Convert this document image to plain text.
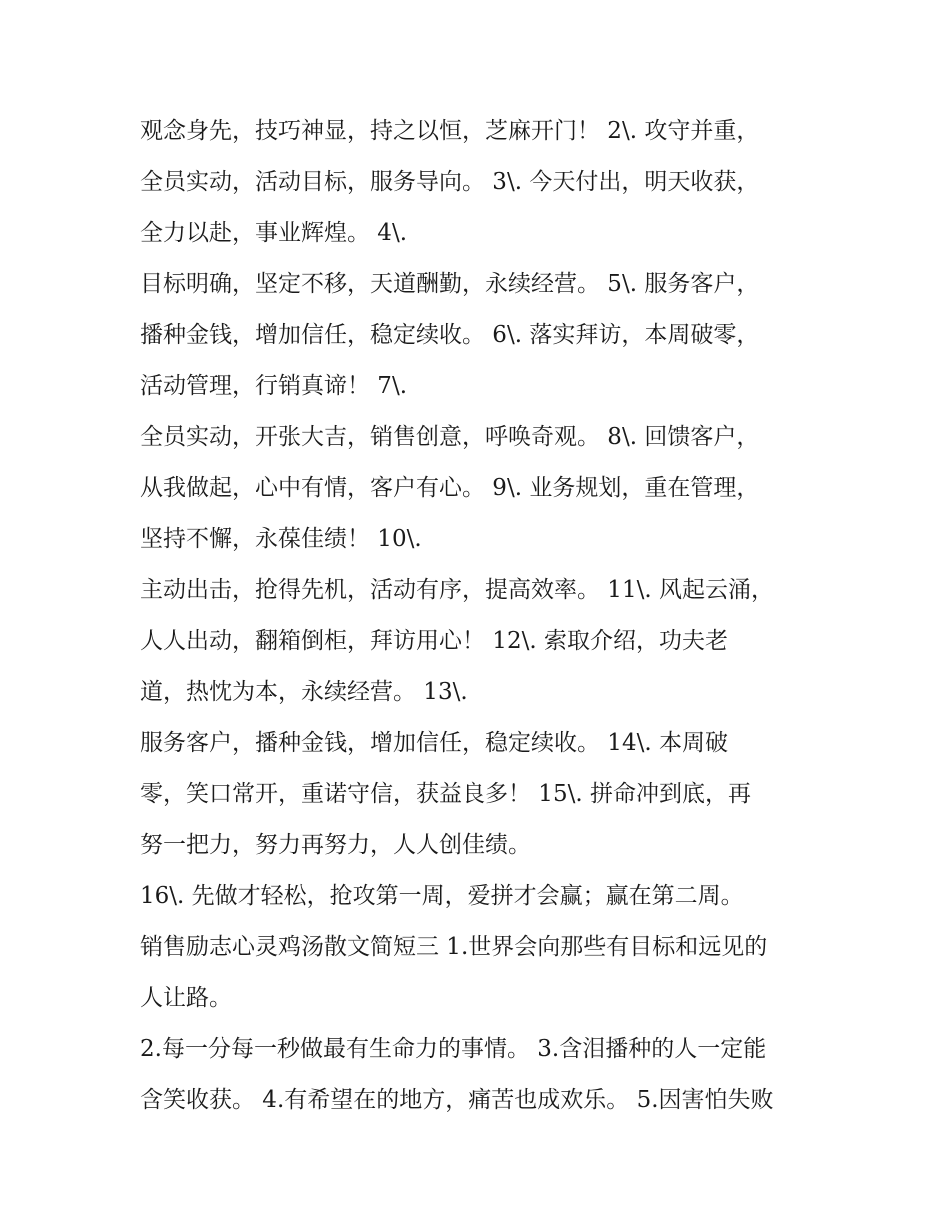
观念身先，技巧神显，持之以恒，芝麻开门！ 2\. 攻守并重，
全员实动，活动目标，服务导向。 3\. 今天付出，明天收获，
全力以赴，事业辉煌。 4\.
目标明确，坚定不移，天道酬勤，永续经营。 5\. 服务客户，
播种金钱，增加信任，稳定续收。 6\. 落实拜访，本周破零，
活动管理，行销真谛！ 7\.
全员实动，开张大吉，销售创意，呼唤奇观。 8\. 回馈客户，
从我做起，心中有情，客户有心。 9\. 业务规划，重在管理，
坚持不懈，永葆佳绩！ 10\.
主动出击，抢得先机，活动有序，提高效率。 11\. 风起云涌，
人人出动，翻箱倒柜，拜访用心！ 12\. 索取介绍，功夫老
道，热忱为本，永续经营。 13\.
服务客户，播种金钱，增加信任，稳定续收。 14\. 本周破
零，笑口常开，重诺守信，获益良多！ 15\. 拼命冲到底，再
努一把力，努力再努力，人人创佳绩。
16\. 先做才轻松，抢攻第一周，爱拼才会赢；赢在第二周。
销售励志心灵鸡汤散文简短三 1.世界会向那些有目标和远见的
人让路。
2.每一分每一秒做最有生命力的事情。 3.含泪播种的人一定能
含笑收获。 4.有希望在的地方，痛苦也成欢乐。 5.因害怕失败
